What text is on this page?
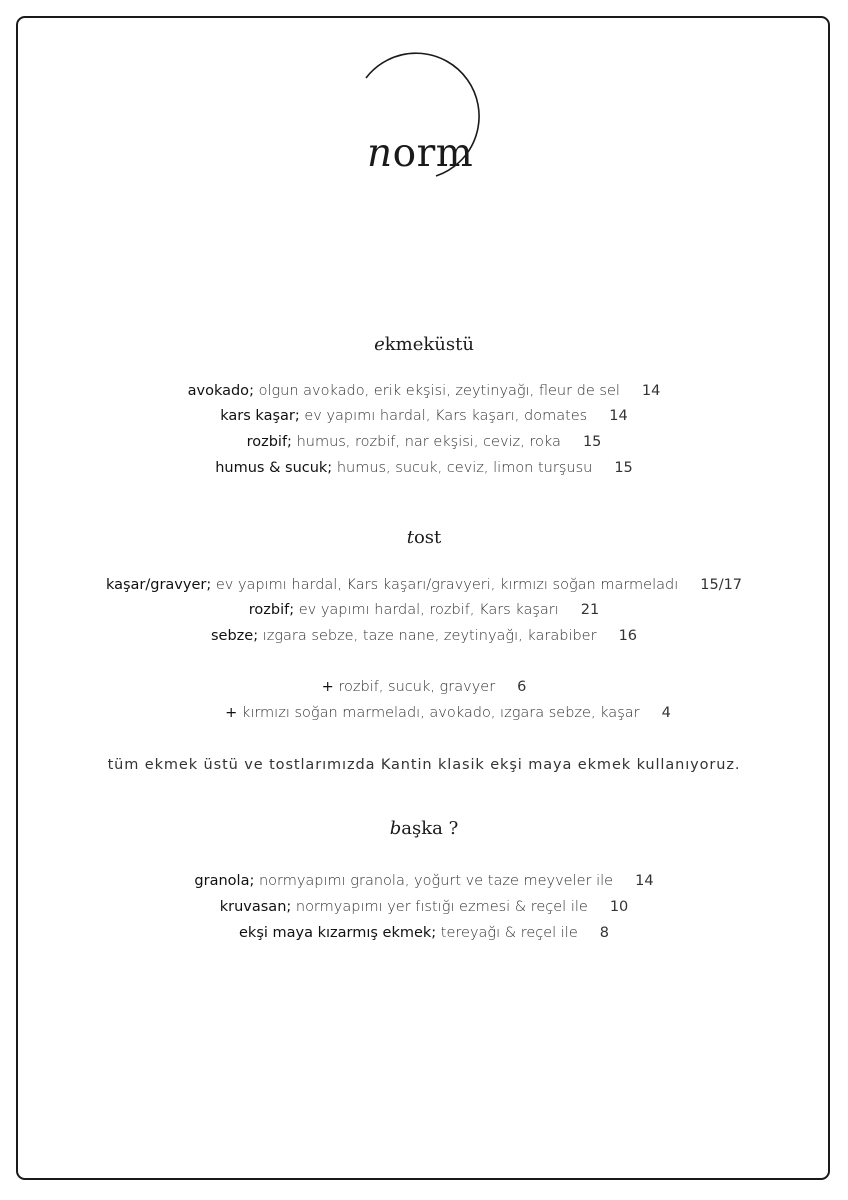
norm
ekmeküstü
avokado; olgun avokado, erik ekşisi, zeytinyağı, fleur de sel 14
kars kaşar; ev yapımı hardal, Kars kaşarı, domates 14
rozbif; humus, rozbif, nar ekşisi, ceviz, roka 15
humus & sucuk; humus, sucuk, ceviz, limon turşusu 15
tost
kaşar/gravyer; ev yapımı hardal, Kars kaşarı/gravyeri, kırmızı soğan marmeladı 15/17
rozbif; ev yapımı hardal, rozbif, Kars kaşarı 21
sebze; ızgara sebze, taze nane, zeytinyağı, karabiber 16
+ rozbif, sucuk, gravyer 6
+ kırmızı soğan marmeladı, avokado, ızgara sebze, kaşar 4
tüm ekmek üstü ve tostlarımızda Kantin klasik ekşi maya ekmek kullanıyoruz.
başka ?
granola; normyapımı granola, yoğurt ve taze meyveler ile 14
kruvasan; normyapımı yer fıstığı ezmesi & reçel ile 10
ekşi maya kızarmış ekmek; tereyağı & reçel ile 8
